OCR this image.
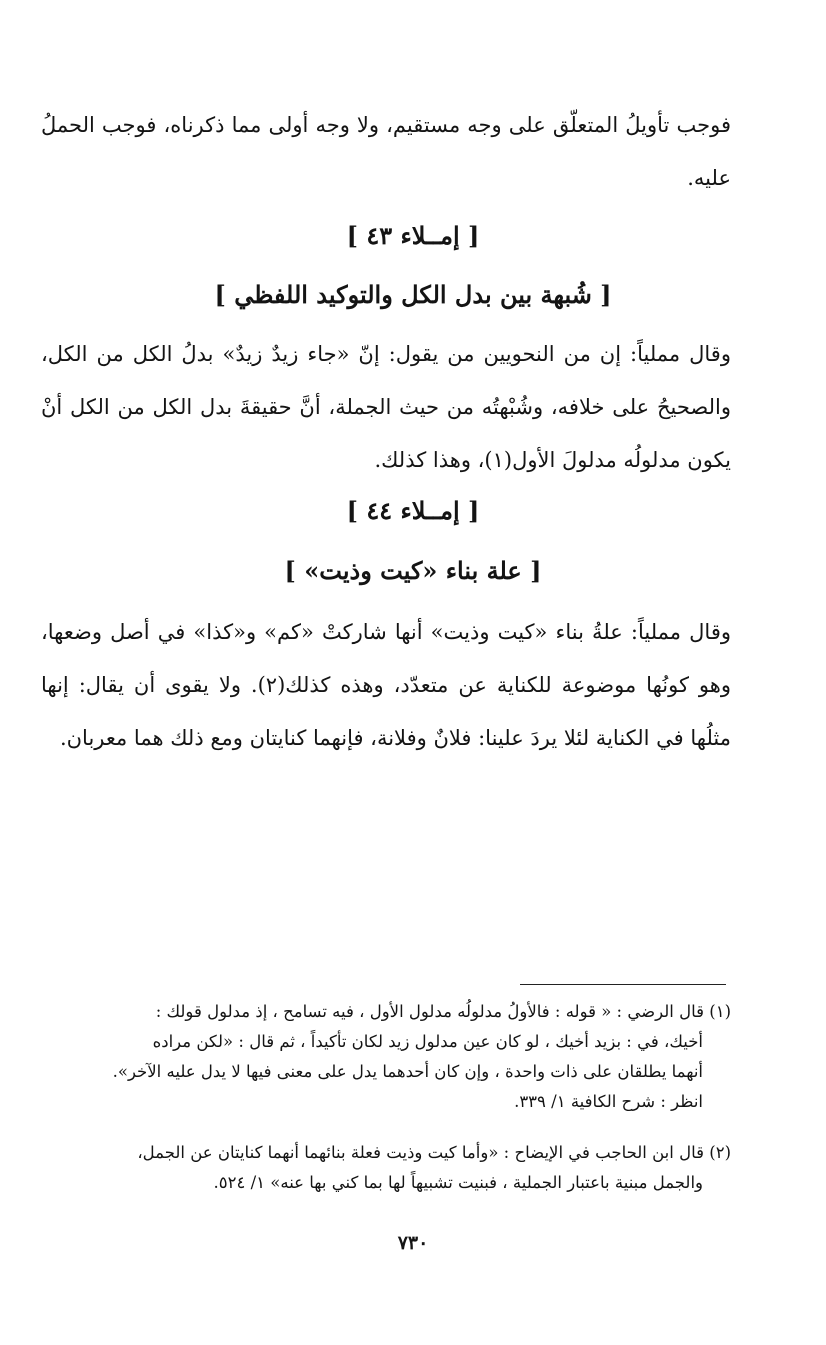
فوجب تأويلُ المتعلّق على وجه مستقيم، ولا وجه أولى مما ذكرناه، فوجب الحملُ عليه.

[ إمــلاء ٤٣ ]
[ شُبهة بين بدل الكل والتوكيد اللفظي ]

وقال مملياً: إن من النحويين من يقول: إنّ «جاء زيدٌ زيدٌ» بدلُ الكل من الكل، والصحيحُ على خلافه، وشُبْهتُه من حيث الجملة، أنَّ حقيقةَ بدل الكل من الكل أنْ يكون مدلولُه مدلولَ الأول(١)، وهذا كذلك.

[ إمــلاء ٤٤ ]
[ علة بناء «كيت وذيت» ]

وقال مملياً: علةُ بناء «كيت وذيت» أنها شاركتْ «كم» و«كذا» في أصل وضعها، وهو كونُها موضوعة للكناية عن متعدّد، وهذه كذلك(٢). ولا يقوى أن يقال: إنها مثلُها في الكناية لئلا يردَ علينا: فلانٌ وفلانة، فإنهما كنايتان ومع ذلك هما معربان.

(١) قال الرضي : « قوله : فالأولُ مدلولُه مدلول الأول ، فيه تسامح ، إذ مدلول قولك :

أخيك، في : بزيد أخيك ، لو كان عين مدلول زيد لكان تأكيداً ، ثم قال : «لكن مراده

أنهما يطلقان على ذات واحدة ، وإن كان أحدهما يدل على معنى فيها لا يدل عليه الآخر».

انظر : شرح الكافية ١/ ٣٣٩.

(٢) قال ابن الحاجب في الإيضاح : «وأما كيت وذيت فعلة بنائهما أنهما كنايتان عن الجمل،

والجمل مبنية باعتبار الجملية ، فبنيت تشبيهاً لها بما كني بها عنه» ١/ ٥٢٤.

٧٣٠
